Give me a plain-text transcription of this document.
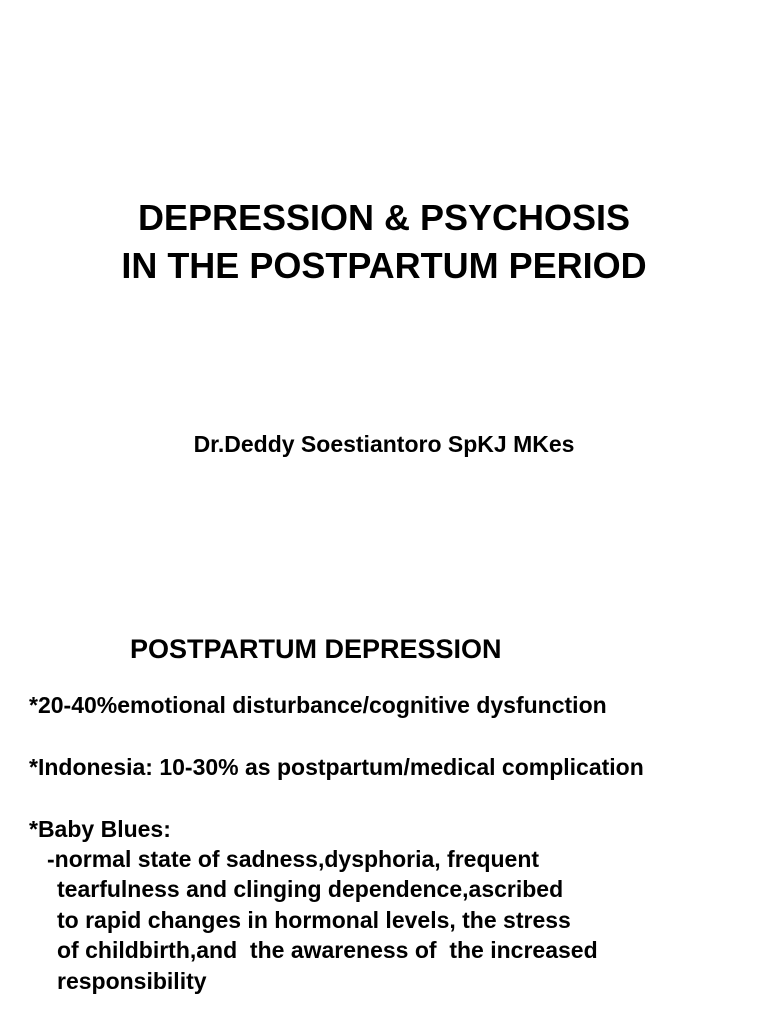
DEPRESSION & PSYCHOSIS
IN THE POSTPARTUM PERIOD
Dr.Deddy Soestiantoro SpKJ MKes
POSTPARTUM DEPRESSION
*20-40%emotional disturbance/cognitive dysfunction
*Indonesia: 10-30% as postpartum/medical complication
*Baby Blues:
-normal state of sadness,dysphoria, frequent
tearfulness and clinging dependence,ascribed
to rapid changes in hormonal levels, the stress
of childbirth,and  the awareness of  the increased
responsibility
